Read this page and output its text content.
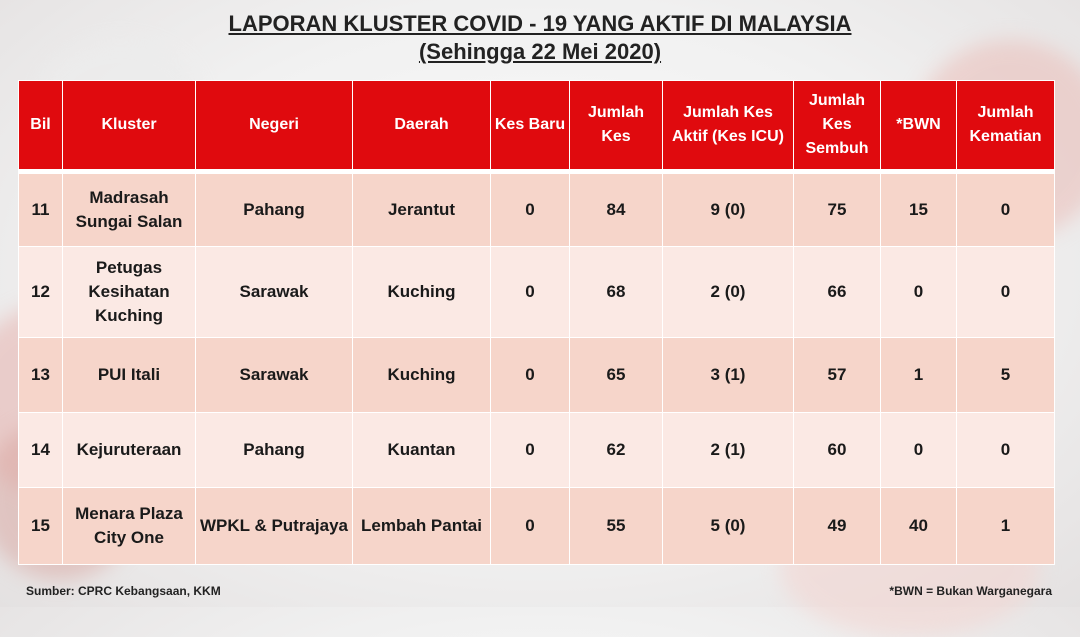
LAPORAN KLUSTER COVID - 19 YANG AKTIF DI MALAYSIA
(Sehingga 22 Mei 2020)
Bil	Kluster	Negeri	Daerah	Kes Baru	Jumlah Kes	Jumlah Kes Aktif (Kes ICU)	Jumlah Kes Sembuh	*BWN	Jumlah Kematian

11	Madrasah Sungai Salan	Pahang	Jerantut	0	84	9 (0)	75	15	0
12	Petugas Kesihatan Kuching	Sarawak	Kuching	0	68	2 (0)	66	0	0
13	PUI Itali	Sarawak	Kuching	0	65	3 (1)	57	1	5
14	Kejuruteraan	Pahang	Kuantan	0	62	2 (1)	60	0	0
15	Menara Plaza City One	WPKL & Putrajaya	Lembah Pantai	0	55	5 (0)	49	40	1
Sumber: CPRC Kebangsaan, KKM	*BWN = Bukan Warganegara
